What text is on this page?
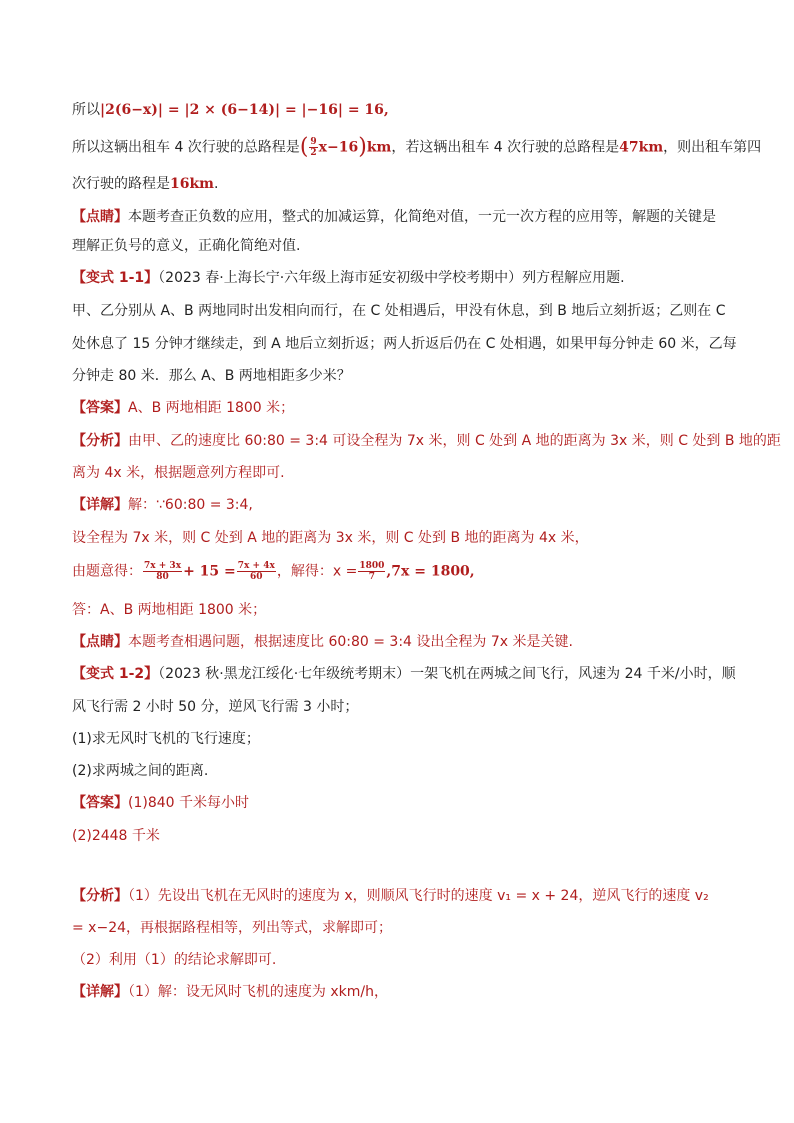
所以|2(6−x)| = |2 × (6−14)| = |−16| = 16,
所以这辆出租车 4 次行驶的总路程是( $\frac{9}{2} x-16)km$，若这辆出租车 4 次行驶的总路程是47km，则出租车第四
次行驶的路程是16km.
【点睛】本题考查正负数的应用，整式的加减运算，化简绝对值，一元一次方程的应用等，解题的关键是
理解正负号的意义，正确化简绝对值.
【变式 1-1】（2023 春·上海长宁·六年级上海市延安初级中学校考期中）列方程解应用题.
甲、乙分别从 A、B 两地同时出发相向而行，在 C 处相遇后，甲没有休息，到 B 地后立刻折返；乙则在 C
处休息了 15 分钟才继续走，到 A 地后立刻折返；两人折返后仍在 C 处相遇，如果甲每分钟走 60 米，乙每
分钟走 80 米．那么 A、B 两地相距多少米？
【答案】A、B 两地相距 1800 米；
【分析】由甲、乙的速度比 60:80 = 3:4 可设全程为 7x 米，则 C 处到 A 地的距离为 3x 米，则 C 处到 B 地的距
离为 4x 米，根据题意列方程即可.
【详解】解：∵60:80 = 3:4,
设全程为 7x 米，则 C 处到 A 地的距离为 3x 米，则 C 处到 B 地的距离为 4x 米，
由题意得： $\frac{7x + 3x}{80} + 15 = \frac{7x + 4x}{60}$ ，解得：$x = \frac{1800}{7} ,7x = 1800$,
答：A、B 两地相距 1800 米；
【点睛】本题考查相遇问题，根据速度比 60:80 = 3:4 设出全程为 7x 米是关键.
【变式 1-2】（2023 秋·黑龙江绥化·七年级统考期末）一架飞机在两城之间飞行，风速为 24 千米/小时，顺
风飞行需 2 小时 50 分，逆风飞行需 3 小时；
(1)求无风时飞机的飞行速度；
(2)求两城之间的距离.
【答案】(1)840 千米每小时
(2)2448 千米
【分析】（1）先设出飞机在无风时的速度为 x，则顺风飞行时的速度 v₁ = x + 24，逆风飞行的速度 v₂
= x−24，再根据路程相等，列出等式，求解即可；
（2）利用（1）的结论求解即可.
【详解】（1）解：设无风时飞机的速度为 xkm/h，
